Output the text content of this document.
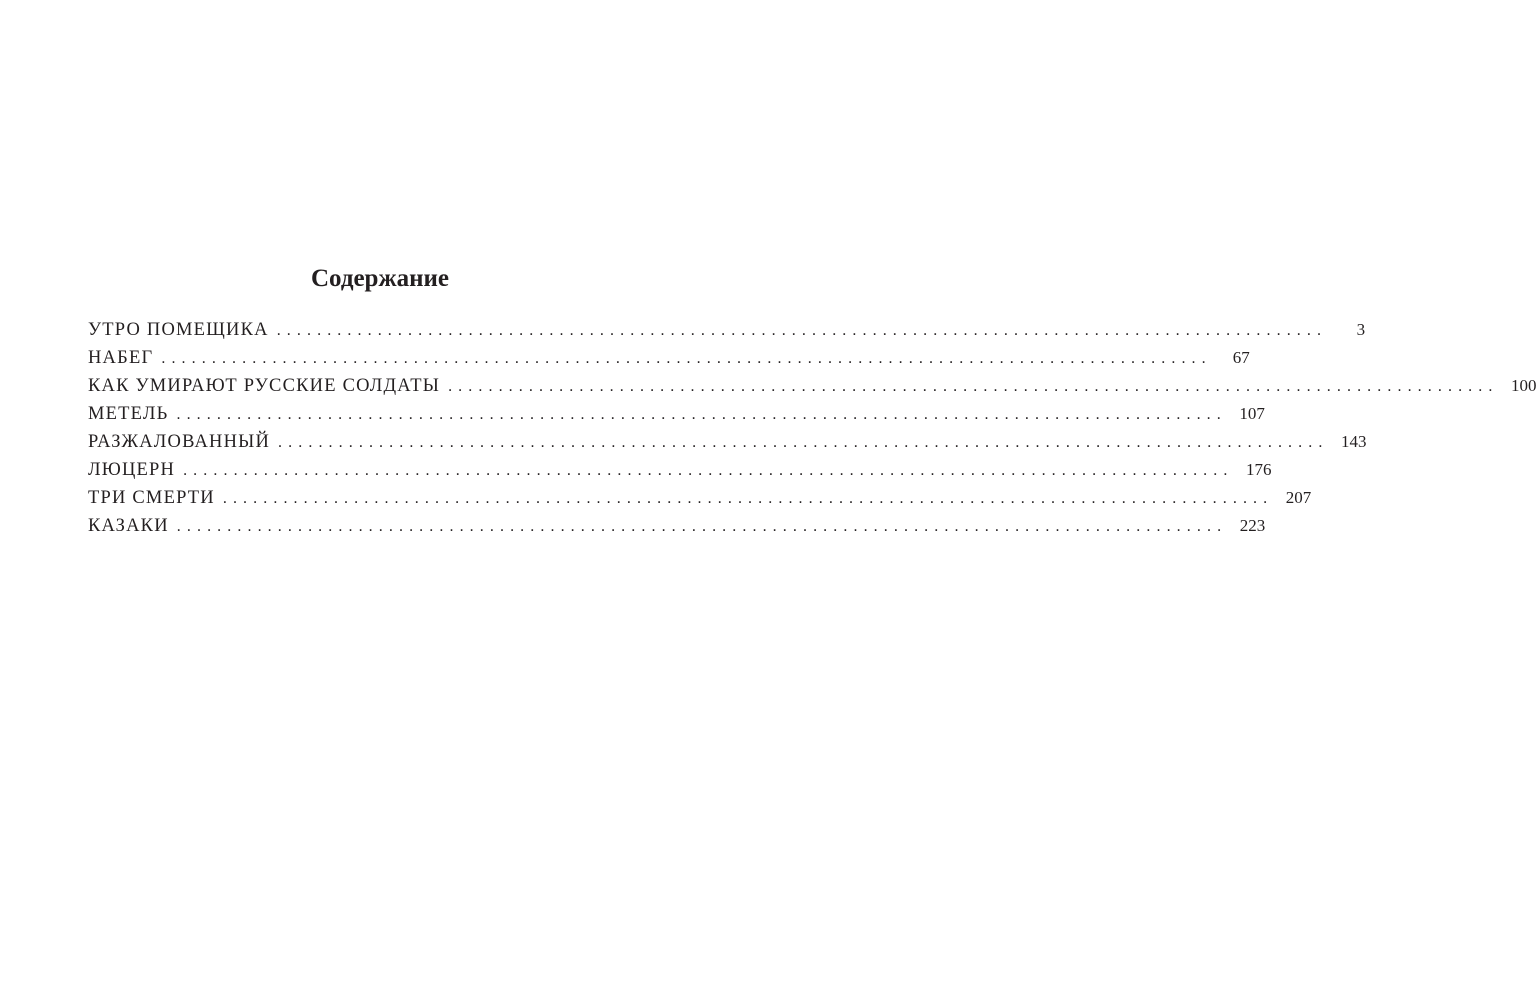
Содержание
УТРО ПОМЕЩИКА ........................................................................................................	3
НАБЕГ ........................................................................................................	67
КАК УМИРАЮТ РУССКИЕ СОЛДАТЫ ........................................................................................................ 100
МЕТЕЛЬ ........................................................................................................ 107
РАЗЖАЛОВАННЫЙ ........................................................................................................ 143
ЛЮЦЕРН ........................................................................................................ 176
ТРИ СМЕРТИ ........................................................................................................ 207
КАЗАКИ ........................................................................................................ 223
